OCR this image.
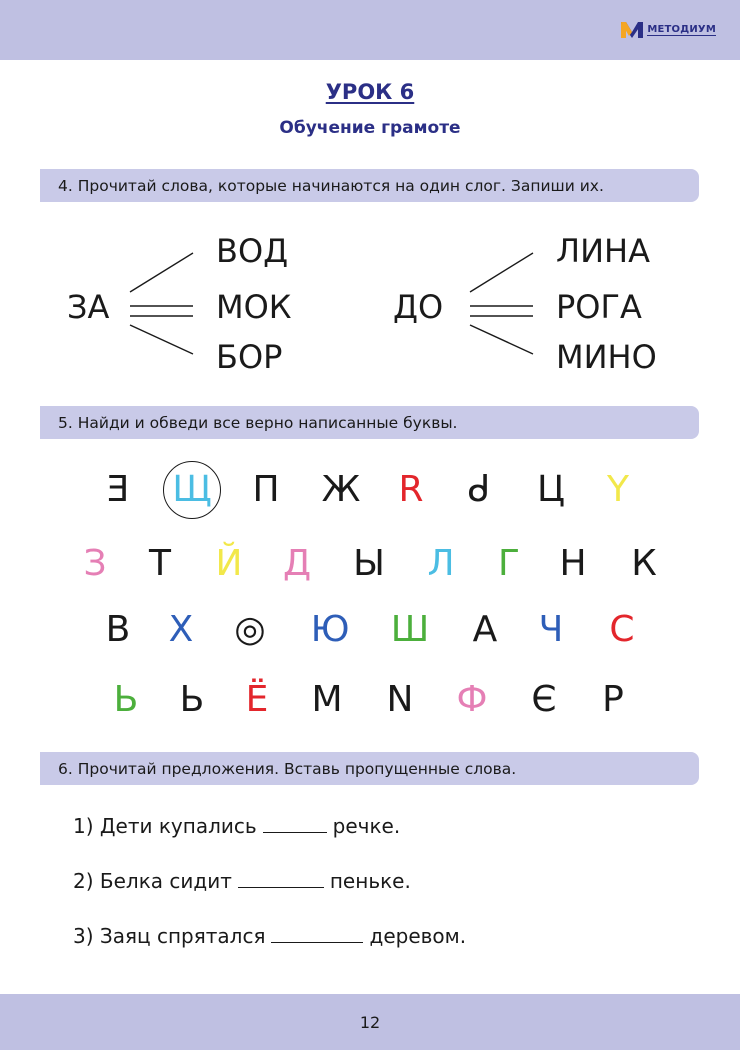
МЕТОДИУМ
УРОК 6
Обучение грамоте
4. Прочитай слова, которые начинаются на один слог. Запиши их.
ЗА
ВОД
МОК
БОР
ДО
ЛИНА
РОГА
МИНО
5. Найди и обведи все верно написанные буквы.
Ǝ	Щ	П	Ж	R	ᑯ	Ц	Ү
З	Т	Й	Д	Ы	Л	Г	Н	К
В	Х	◎	Ю Ш	А	Ч	С
Ь	Ь	Ё	М	N	Ф	Є	Р
6. Прочитай предложения. Вставь пропущенные слова.
1) Дети купались	речке.
2) Белка сидит	пеньке.
3) Заяц спрятался	деревом.
12
